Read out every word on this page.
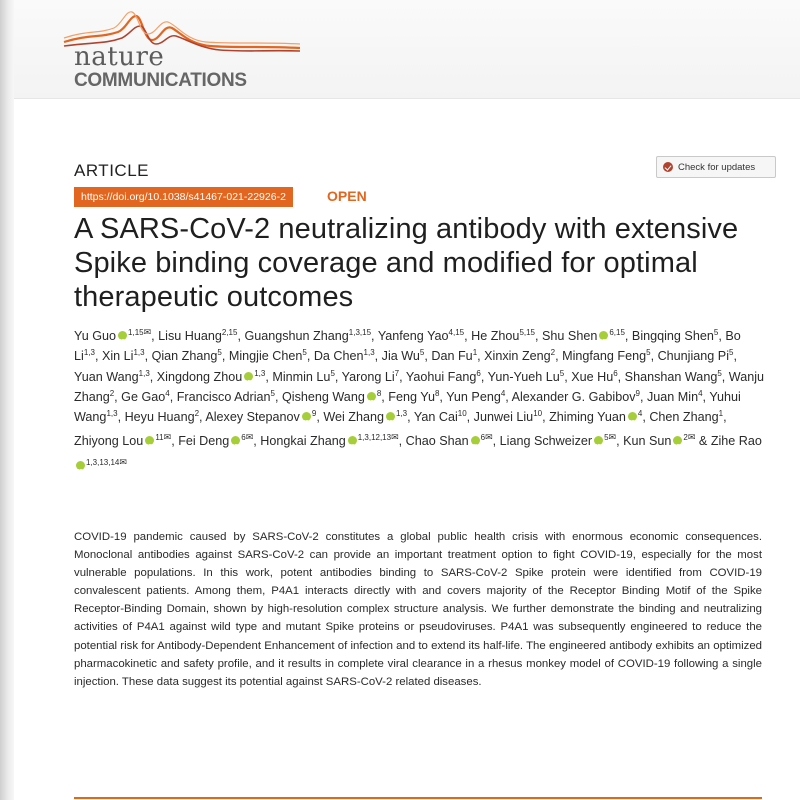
nature
COMMUNICATIONS
ARTICLE	Check for updates
https://doi.org/10.1038/s41467-021-22926-2	OPEN
A SARS-CoV-2 neutralizing antibody with extensive Spike binding coverage and modified for optimal therapeutic outcomes

Yu Guo iD $^{1,15✉}$, Lisu Huang$^{2,15}$, Guangshun Zhang$^{1,3,15}$, Yanfeng Yao$^{4,15}$, He Zhou$^{5,15}$, Shu Shen iD $^{6,15}$, Bingqing Shen$^5$, Bo Li$^{1,3}$, Xin Li$^{1,3}$, Qian Zhang$^5$, Mingjie Chen$^5$, Da Chen$^{1,3}$, Jia Wu$^5$, Dan Fu$^1$, Xinxin Zeng$^2$, Mingfang Feng$^5$, Chunjiang Pi$^5$, Yuan Wang$^{1,3}$, Xingdong Zhou iD $^{1,3}$, Minmin Lu$^5$, Yarong Li$^7$, Yaohui Fang$^6$, Yun-Yueh Lu$^5$, Xue Hu$^6$, Shanshan Wang$^5$, Wanju Zhang$^2$, Ge Gao$^4$, Francisco Adrian$^5$, Qisheng Wang iD $^8$, Feng Yu$^8$, Yun Peng$^4$, Alexander G. Gabibov$^9$, Juan Min$^4$, Yuhui Wang$^{1,3}$, Heyu Huang$^2$, Alexey Stepanov iD $^9$, Wei Zhang iD $^{1,3}$, Yan Cai$^{10}$, Junwei Liu$^{10}$, Zhiming Yuan iD $^4$, Chen Zhang$^1$, Zhiyong Lou iD $^{11✉}$, Fei Deng iD $^{6✉}$, Hongkai Zhang iD $^{1,3,12,13✉}$, Chao Shan iD $^{6✉}$, Liang Schweizer iD $^{5✉}$, Kun Sun iD $^{2✉}$ & Zihe RaoiD$^{1,3,13,14✉}$

COVID-19 pandemic caused by SARS-CoV-2 constitutes a global public health crisis with enormous economic consequences. Monoclonal antibodies against SARS-CoV-2 can provide an important treatment option to fight COVID-19, especially for the most vulnerable populations. In this work, potent antibodies binding to SARS-CoV-2 Spike protein were identified from COVID-19 convalescent patients. Among them, P4A1 interacts directly with and covers majority of the Receptor Binding Motif of the Spike Receptor-Binding Domain, shown by high-resolution complex structure analysis. We further demonstrate the binding and neutralizing activities of P4A1 against wild type and mutant Spike proteins or pseudoviruses. P4A1 was subsequently engineered to reduce the potential risk for Antibody-Dependent Enhancement of infection and to extend its half-life. The engineered antibody exhibits an optimized pharmacokinetic and safety profile, and it results in complete viral clearance in a rhesus monkey model of COVID-19 following a single injection. These data suggest its potential against SARS-CoV-2 related diseases.
